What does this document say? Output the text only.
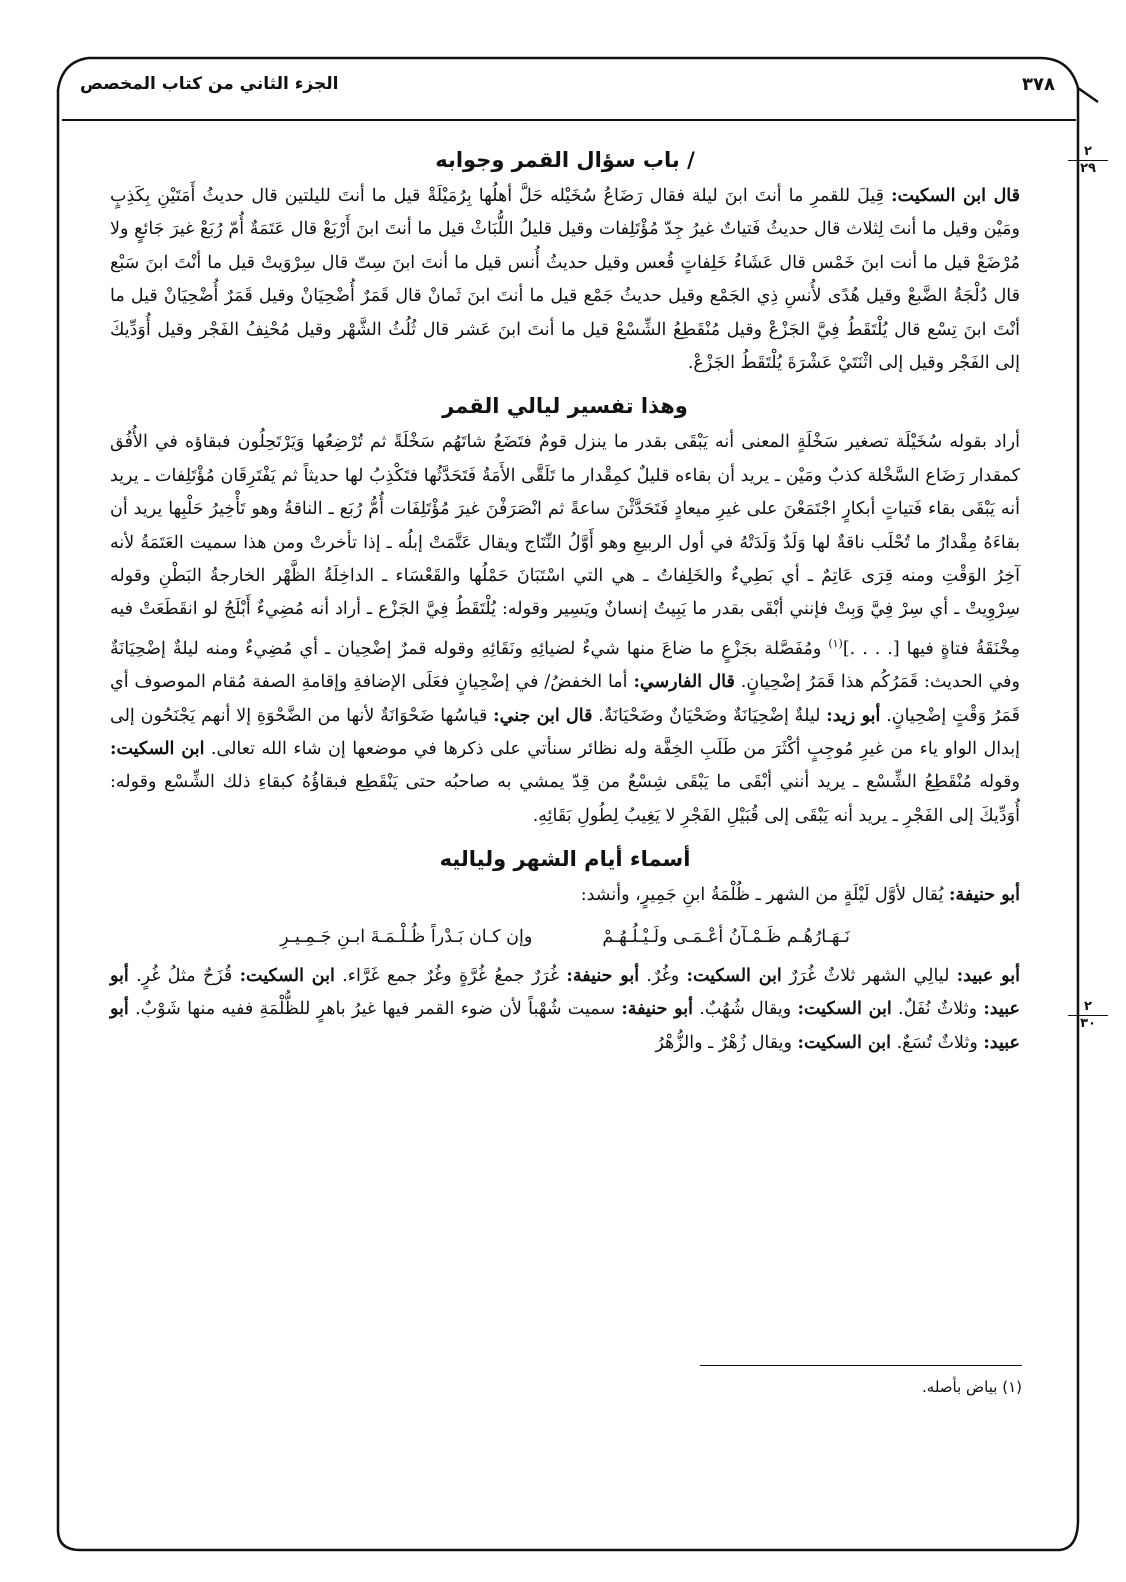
٣٧٨
الجزء الثاني من كتاب المخصص
٢
٢٩
٢
٣٠
/ باب سؤال القمر وجوابه

قال ابن السكيت: قِيلَ للقمرِ ما أنتَ ابنَ ليلة فقال رَضَاعُ سُخَيْله حَلَّ أهلُها بِرُمَيْلَةْ قيل ما أنتَ لليلتين قال حديثُ أَمَتَيْنِ بِكَذِبٍ ومَيْن وقيل ما أنتَ لِثلاث قال حديثُ فَتياتٌ غيرُ جِدّ مُؤْتَلِفات وقيل قليلُ اللُّبَاثْ قيل ما أنتَ ابنَ أَرْبَعْ قال عَتَمَةٌ أُمّ رُبَعْ غيرَ جَائعٍ ولا مُرْضَعْ قيل ما أنت ابنَ خَمْس قال عَشَاءُ خَلِفاتٍ قُعس وقيل حديثُ أُنس قيل ما أنتَ ابنَ سِتّ قال سِرْوَيتْ قيل ما أنْتَ ابنَ سَبْع قال دُلْجَةُ الضَّبعْ وقيل هُدًى لأُنسِ ذِي الجَمْع وقيل حديثُ جَمْع قيل ما أنتَ ابنَ ثَمانْ قال قَمَرٌ أُضْحِيَانْ وقيل قَمَرٌ أُضْحِيَانْ قيل ما أنْتَ ابنَ تِسْع قال يُلْتَقَطُ فِيَّ الجَزْعْ وقيل مُنْقَطِعُ الشِّسْعْ قيل ما أنتَ ابنَ عَشر قال ثُلُثُ الشَّهْر وقيل مُحْنِفُ الفَجْر وقيل أُوَدِّيكَ إلى الفَجْر وقيل إلى اثْنَتَيْ عَشْرَةَ يُلْتَقَطُ الجَزْعْ.

وهذا تفسير ليالي القمر

أراد بقوله سُخَيْلَة تصغير سَخْلَةٍ المعنى أنه يَبْقَى بقدر ما ينزل قومٌ فتَضَعُ شاتَهُم سَخْلَةً ثم تُرْضِعُها وَيَرْتَحِلُون فبقاؤه في الأُفُق كمقدار رَضَاع السَّخْلة كذبٌ ومَيْن ـ يريد أن بقاءه قليلٌ كمِقْدار ما تَلَقَّى الأَمَةُ فَتَحَدَّثُها فتَكْذِبُ لها حديثاً ثم يَفْتَرِقَان مُؤْتَلِفات ـ يريد أنه يَبْقَى بقاء فَتياتٍ أبكارٍ اجْتَمَعْنَ على غيرِ ميعادٍ فَتَحَدَّثْنَ ساعةً ثم انْصَرَفْنَ غيرَ مُؤْتَلِفَات أُمُّ رُبَع ـ الناقةُ وهو تَأْخِيرُ حَلْبِها يريد أن بقاءَهُ مِقْدارُ ما تُحْلَب ناقةٌ لها وَلَدٌ وَلَدَتْهُ في أول الربيعِ وهو أَوَّلُ النِّتَاج ويقال عَتَّمَتْ إبلُه ـ إذا تأخرتْ ومن هذا سميت العَتَمَةُ لأنه آخِرُ الوَقْتِ ومنه قِرَى عَاتِمٌ ـ أي بَطِيءٌ والخَلِفاتُ ـ هي التي اسْتَبَانَ حَمْلُها والقَعْسَاء ـ الداخِلَةُ الظَّهْر الخارجةُ البَطْنِ وقوله سِرْوِيتْ ـ أي سِرْ فِيَّ وَبِتْ فإنني أبْقَى بقدر ما يَبِيتُ إنسانٌ ويَسِير وقوله: يُلْتَقَطُ فِيَّ الجَزْع ـ أراد أنه مُضِيءٌ أَبْلَجُ لو انقَطَعَتْ فيه مِخْنَقَةُ فتاةٍ فيها [. . . .]$^{(١)}$ ومُفَصَّلة بجَزْعٍ ما ضاعَ منها شيءٌ لضيائِهِ ونَقَائِهِ وقوله قمرٌ إضْحِيان ـ أي مُضِيءٌ ومنه ليلةٌ إضْحِيَانَةٌ وفي الحديث: قَمَرُكُم هذا قَمَرُ إضْحِيانٍ. قال الفارسي: أما الخفضُ/ في إضْحِيانٍ فعَلَى الإضافةِ وإقامةِ الصفة مُقام الموصوف أي قَمَرُ وَقْتٍ إضْحِيانٍ. أبو زيد: ليلةٌ إضْحِيَانَةٌ وضَحْيَانٌ وضَحْيَانَةٌ. قال ابن جني: قياسُها ضَحْوَانَةٌ لأنها من الضَّحْوَةِ إلا أنهم يَجْنَحُون إلى إبدال الواو ياء من غيرِ مُوجِبٍ أكْثَرَ من طَلَبِ الخِفَّة وله نظائر سنأتي على ذكرها في موضعها إن شاء الله تعالى. ابن السكيت: وقوله مُنْقَطِعُ الشِّسْع ـ يريد أنني أبْقَى ما يَبْقَى شِسْعٌ من قِدّ يمشي به صاحبُه حتى يَنْقَطِع فبقاؤُهُ كبقاءِ ذلك الشِّسْع وقوله: أُوَدِّيكَ إلى الفَجْرِ ـ يريد أنه يَبْقَى إلى قُبَيْلِ الفَجْرِ لا يَغِيبُ لِطُولِ بَقَائِهِ.

أسماء أيام الشهر ولياليه

أبو حنيفة: يُقال لأوَّل لَيْلَةٍ من الشهر ـ ظُلْمَةُ ابنِ جَمِيرٍ، وأنشد:

نَـهَـارُهُـم ظَـمْـآنُ أعْـمَـى ولَـيْـلُـهُـمْ
وإن كـان بَـدْراً ظُـلْـمَـةَ ابـنِ جَـمِـيـرِ

أبو عبيد: ليالِي الشهر ثلاثٌ غُرَرٌ ابن السكيت: وغُرٌ. أبو حنيفة: غُرَرٌ جمعُ غُرَّةٍ وغُرٌ جمع غَرَّاء. ابن السكيت: قُزَحٌ مثلُ غُرٍ. أبو عبيد: وثلاثٌ نُفَلٌ. ابن السكيت: ويقال شُهُبٌ. أبو حنيفة: سميت شُهْباً لأن ضوء القمر فيها غيرُ باهرٍ للظُّلْمَةِ ففيه منها شَوْبٌ. أبو عبيد: وثلاثٌ تُسَعٌ. ابن السكيت: ويقال زُهْرٌ ـ والزُّهْرُ

(١) بياض بأصله.
